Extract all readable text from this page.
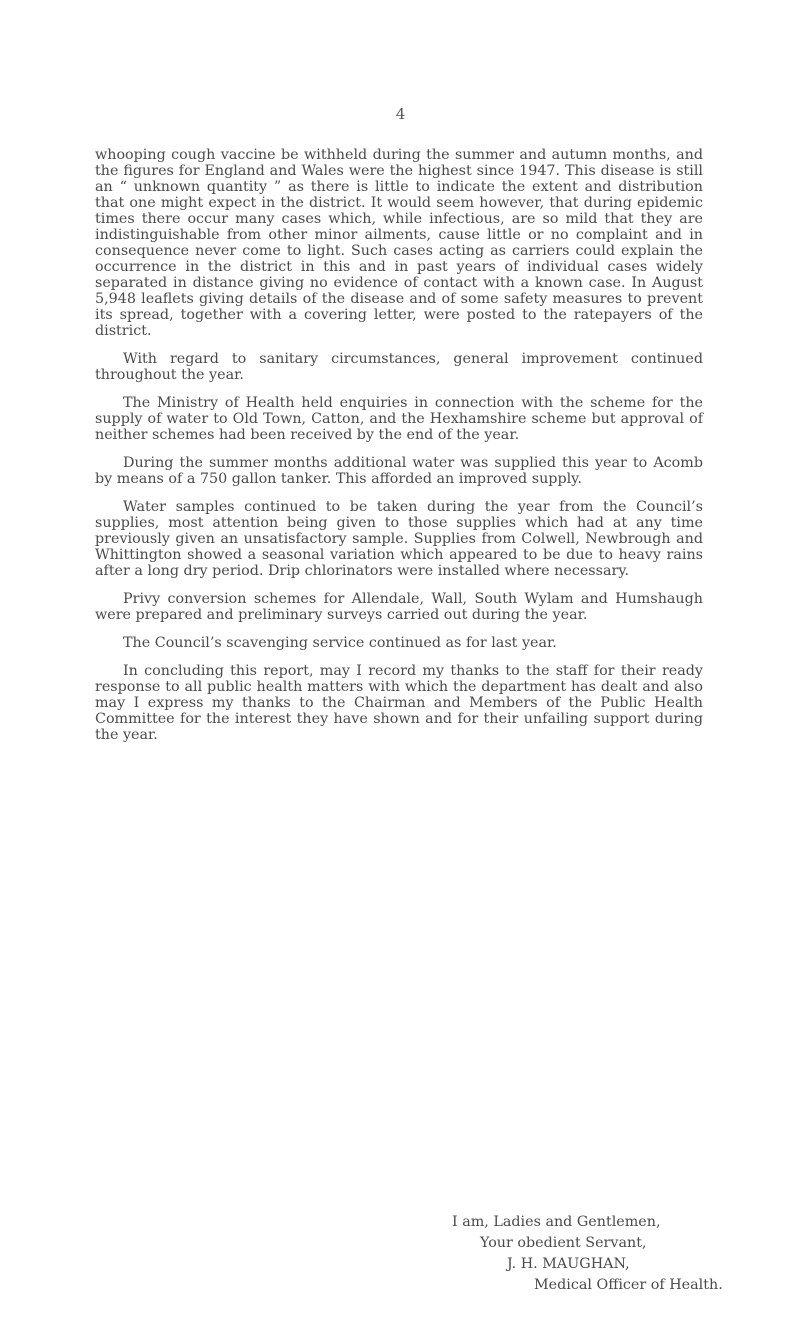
4

whooping cough vaccine be withheld during the summer and autumn months, and the figures for England and Wales were the highest since 1947. This disease is still an “ unknown quantity ” as there is little to indicate the extent and distribution that one might expect in the district. It would seem however, that during epidemic times there occur many cases which, while infectious, are so mild that they are indistinguishable from other minor ailments, cause little or no complaint and in consequence never come to light. Such cases acting as carriers could explain the occurrence in the district in this and in past years of individual cases widely separated in distance giving no evidence of contact with a known case. In August 5,948 leaflets giving details of the disease and of some safety measures to prevent its spread, together with a covering letter, were posted to the ratepayers of the district.

With regard to sanitary circumstances, general improvement continued throughout the year.

The Ministry of Health held enquiries in connection with the scheme for the supply of water to Old Town, Catton, and the Hexhamshire scheme but approval of neither schemes had been received by the end of the year.

During the summer months additional water was supplied this year to Acomb by means of a 750 gallon tanker. This afforded an improved supply.

Water samples continued to be taken during the year from the Council’s supplies, most attention being given to those supplies which had at any time previously given an unsatisfactory sample. Supplies from Colwell, Newbrough and Whittington showed a seasonal variation which appeared to be due to heavy rains after a long dry period. Drip chlorinators were installed where necessary.

Privy conversion schemes for Allendale, Wall, South Wylam and Humshaugh were prepared and preliminary surveys carried out during the year.

The Council’s scavenging service continued as for last year.

In concluding this report, may I record my thanks to the staff for their ready response to all public health matters with which the department has dealt and also may I express my thanks to the Chairman and Members of the Public Health Committee for the interest they have shown and for their unfailing support during the year.

I am, Ladies and Gentlemen,
Your obedient Servant,
J. H. MAUGHAN,
Medical Officer of Health.
